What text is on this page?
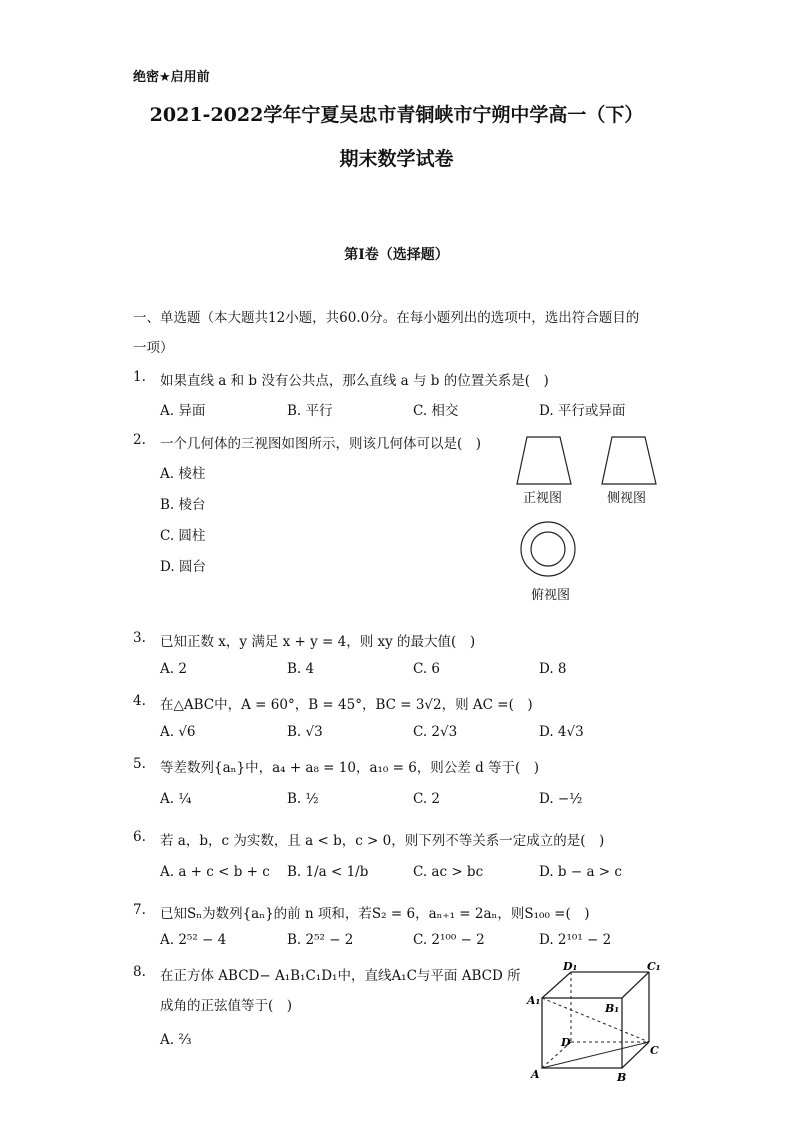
绝密★启用前
2021-2022学年宁夏吴忠市青铜峡市宁朔中学高一（下）
期末数学试卷
第I卷（选择题）
一、单选题（本大题共12小题，共60.0分。在每小题列出的选项中，选出符合题目的
一项）
1. 如果直线 a 和 b 没有公共点，那么直线 a 与 b 的位置关系是(　)
A. 异面	B. 平行	C. 相交	D. 平行或异面
2. 一个几何体的三视图如图所示，则该几何体可以是(　)
A. 棱柱
B. 棱台
C. 圆柱
D. 圆台
正视图	侧视图
俯视图
3. 已知正数 x，y 满足 x + y = 4，则 xy 的最大值(　)
A. 2	B. 4	C. 6	D. 8
4. 在△ABC中，A = 60°，B = 45°，BC = 3√2，则 AC =(　)
A. √6	B. √3	C. 2√3	D. 4√3
5. 等差数列{aₙ}中，a₄ + a₈ = 10，a₁₀ = 6，则公差 d 等于(　)
A. ¼	B. ½	C. 2	D. −½
6. 若 a，b，c 为实数，且 a < b，c > 0，则下列不等关系一定成立的是(　)
A. a + c < b + c B. 1/a < 1/b	C. ac > bc	D. b − a > c
7. 已知Sₙ为数列{aₙ}的前 n 项和，若S₂ = 6，aₙ₊₁ = 2aₙ，则S₁₀₀ =(　)
A. 2⁵² − 4	B. 2⁵² − 2	C. 2¹⁰⁰ − 2	D. 2¹⁰¹ − 2
8. 在正方体 ABCD− A₁B₁C₁D₁中，直线A₁C与平面 ABCD 所
成角的正弦值等于(　)
A. ⅔
D₁	C₁
A₁
B₁
D
C
A	B
